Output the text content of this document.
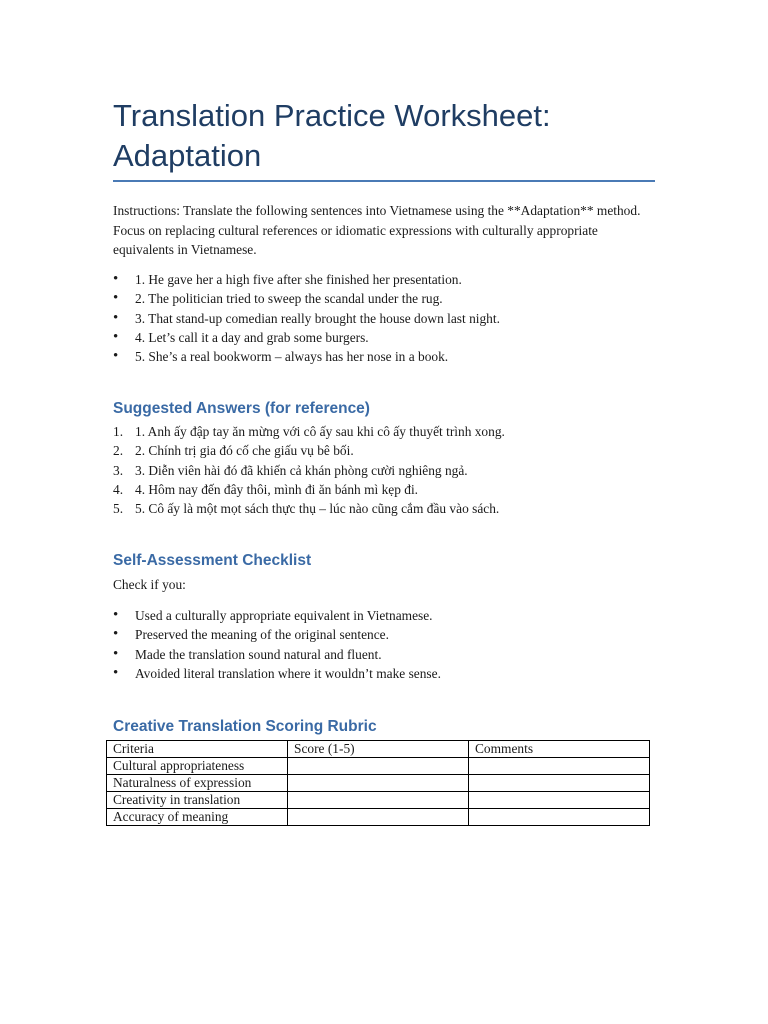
Translation Practice Worksheet: Adaptation

Instructions: Translate the following sentences into Vietnamese using the **Adaptation** method. Focus on replacing cultural references or idiomatic expressions with culturally appropriate equivalents in Vietnamese.

• 1. He gave her a high five after she finished her presentation.
• 2. The politician tried to sweep the scandal under the rug.
• 3. That stand-up comedian really brought the house down last night.
• 4. Let’s call it a day and grab some burgers.
• 5. She’s a real bookworm – always has her nose in a book.
Suggested Answers (for reference)
1. 1. Anh ấy đập tay ăn mừng với cô ấy sau khi cô ấy thuyết trình xong.
2. 2. Chính trị gia đó cố che giấu vụ bê bối.
3. 3. Diễn viên hài đó đã khiến cả khán phòng cười nghiêng ngả.
4. 4. Hôm nay đến đây thôi, mình đi ăn bánh mì kẹp đi.
5. 5. Cô ấy là một mọt sách thực thụ – lúc nào cũng cắm đầu vào sách.
Self-Assessment Checklist

Check if you:

• Used a culturally appropriate equivalent in Vietnamese.
• Preserved the meaning of the original sentence.
• Made the translation sound natural and fluent.
• Avoided literal translation where it wouldn’t make sense.
Creative Translation Scoring Rubric
Criteria	Score (1-5)	Comments
Cultural appropriateness		
Naturalness of expression		
Creativity in translation		
Accuracy of meaning		
